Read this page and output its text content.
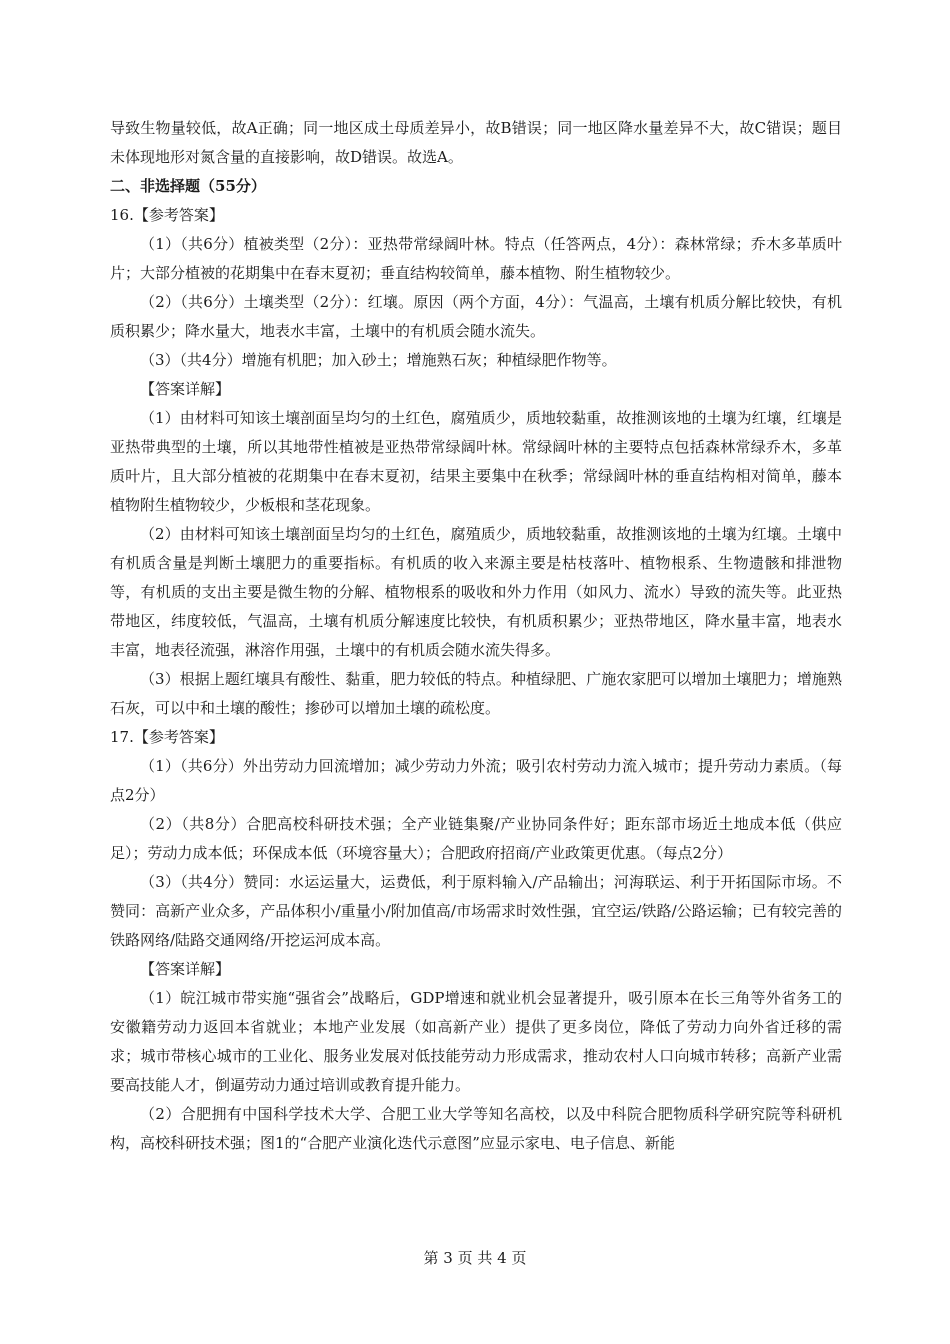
导致生物量较低，故A正确；同一地区成土母质差异小，故B错误；同一地区降水量差异不大，故C错误；题目未体现地形对氮含量的直接影响，故D错误。故选A。

二、非选择题（55分）

16.【参考答案】

（1）（共6分）植被类型（2分）：亚热带常绿阔叶林。特点（任答两点，4分）：森林常绿；乔木多革质叶片；大部分植被的花期集中在春末夏初；垂直结构较简单，藤本植物、附生植物较少。

（2）（共6分）土壤类型（2分）：红壤。原因（两个方面，4分）：气温高，土壤有机质分解比较快，有机质积累少；降水量大，地表水丰富，土壤中的有机质会随水流失。

（3）（共4分）增施有机肥；加入砂土；增施熟石灰；种植绿肥作物等。

【答案详解】

（1）由材料可知该土壤剖面呈均匀的土红色，腐殖质少，质地较黏重，故推测该地的土壤为红壤，红壤是亚热带典型的土壤，所以其地带性植被是亚热带常绿阔叶林。常绿阔叶林的主要特点包括森林常绿乔木，多革质叶片，且大部分植被的花期集中在春末夏初，结果主要集中在秋季；常绿阔叶林的垂直结构相对简单，藤本植物附生植物较少，少板根和茎花现象。

（2）由材料可知该土壤剖面呈均匀的土红色，腐殖质少，质地较黏重，故推测该地的土壤为红壤。土壤中有机质含量是判断土壤肥力的重要指标。有机质的收入来源主要是枯枝落叶、植物根系、生物遗骸和排泄物等，有机质的支出主要是微生物的分解、植物根系的吸收和外力作用（如风力、流水）导致的流失等。此亚热带地区，纬度较低，气温高，土壤有机质分解速度比较快，有机质积累少；亚热带地区，降水量丰富，地表水丰富，地表径流强，淋溶作用强，土壤中的有机质会随水流失得多。

（3）根据上题红壤具有酸性、黏重，肥力较低的特点。种植绿肥、广施农家肥可以增加土壤肥力；增施熟石灰，可以中和土壤的酸性；掺砂可以增加土壤的疏松度。

17.【参考答案】

（1）（共6分）外出劳动力回流增加；减少劳动力外流；吸引农村劳动力流入城市；提升劳动力素质。（每点2分）

（2）（共8分）合肥高校科研技术强；全产业链集聚/产业协同条件好；距东部市场近土地成本低（供应足）；劳动力成本低；环保成本低（环境容量大）；合肥政府招商/产业政策更优惠。（每点2分）

（3）（共4分）赞同：水运运量大，运费低，利于原料输入/产品输出；河海联运、利于开拓国际市场。不赞同：高新产业众多，产品体积小/重量小/附加值高/市场需求时效性强，宜空运/铁路/公路运输；已有较完善的铁路网络/陆路交通网络/开挖运河成本高。

【答案详解】

（1）皖江城市带实施“强省会”战略后，GDP增速和就业机会显著提升，吸引原本在长三角等外省务工的安徽籍劳动力返回本省就业；本地产业发展（如高新产业）提供了更多岗位，降低了劳动力向外省迁移的需求；城市带核心城市的工业化、服务业发展对低技能劳动力形成需求，推动农村人口向城市转移；高新产业需要高技能人才，倒逼劳动力通过培训或教育提升能力。

（2）合肥拥有中国科学技术大学、合肥工业大学等知名高校，以及中科院合肥物质科学研究院等科研机构，高校科研技术强；图1的“合肥产业演化迭代示意图”应显示家电、电子信息、新能

第 3 页 共 4 页
